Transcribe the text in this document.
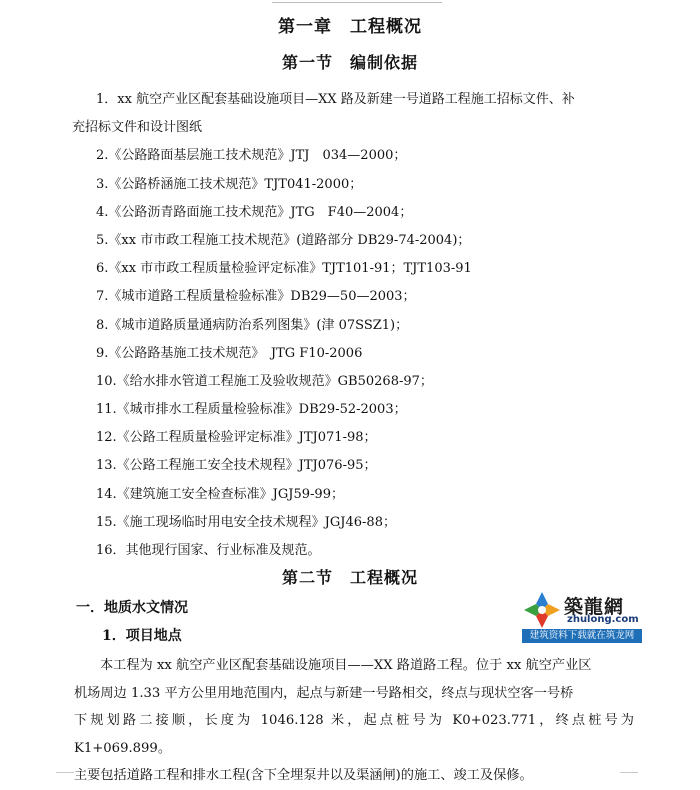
第一章　工程概况
第一节　编制依据
1．xx 航空产业区配套基础设施项目—XX 路及新建一号道路工程施工招标文件、补
充招标文件和设计图纸
2.《公路路面基层施工技术规范》JTJ　034—2000；
3.《公路桥涵施工技术规范》TJT041-2000；
4.《公路沥青路面施工技术规范》JTG　F40—2004；
5.《xx 市市政工程施工技术规范》(道路部分 DB29-74-2004)；
6.《xx 市市政工程质量检验评定标准》TJT101-91；TJT103-91
7.《城市道路工程质量检验标准》DB29—50—2003；
8.《城市道路质量通病防治系列图集》(津 07SSZ1)；
9.《公路路基施工技术规范》　JTG F10-2006
10.《给水排水管道工程施工及验收规范》GB50268-97；
11.《城市排水工程质量检验标准》DB29-52-2003；
12.《公路工程质量检验评定标准》JTJ071-98；
13.《公路工程施工安全技术规程》JTJ076-95；
14.《建筑施工安全检查标准》JGJ59-99；
15.《施工现场临时用电安全技术规程》JGJ46-88；
16．其他现行国家、行业标准及规范。
第二节　工程概况
一．地质水文情况
1．项目地点
本工程为 xx 航空产业区配套基础设施项目——XX 路道路工程。位于 xx 航空产业区
机场周边 1.33 平方公里用地范围内，起点与新建一号路相交，终点与现状空客一号桥
下规划路二接顺，长度为 1046.128 米，起点桩号为 K0+023.771，终点桩号为 K1+069.899。
主要包括道路工程和排水工程(含下全埋泵井以及渠涵闸)的施工、竣工及保修。
築龍網
zhulong.com
建筑资料下载就在筑龙网
